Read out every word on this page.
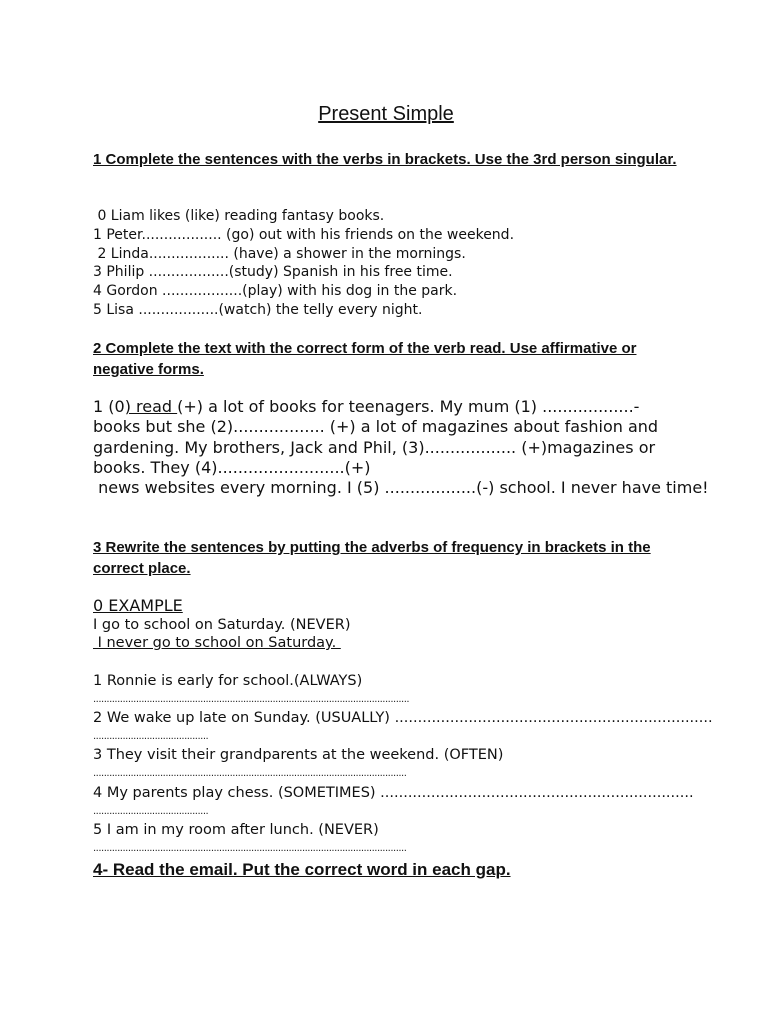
Present Simple
1 Complete the sentences with the verbs in brackets. Use the 3rd person singular.
0 Liam likes (like) reading fantasy books.
1 Peter.................. (go) out with his friends on the weekend.
2 Linda.................. (have) a shower in the mornings.
3 Philip ..................(study) Spanish in his free time.
4 Gordon ..................(play) with his dog in the park.
5 Lisa ..................(watch) the telly every night.
2 Complete the text with the correct form of the verb read. Use affirmative or negative forms.
1 (0) read (+) a lot of books for teenagers. My mum (1) ..................- books but she (2).................. (+) a lot of magazines about fashion and gardening. My brothers, Jack and Phil, (3).................. (+)magazines or books. They (4).........................(+)
news websites every morning. I (5) ..................(-) school. I never have time!
3 Rewrite the sentences by putting the adverbs of frequency in brackets in the correct place.
0 EXAMPLE
I go to school on Saturday. (NEVER)
I never go to school on Saturday.
1 Ronnie is early for school.(ALWAYS)
......................................................................................................................
2 We wake up late on Sunday. (USUALLY) .....................................................................
...........................................
3 They visit their grandparents at the weekend. (OFTEN)
.....................................................................................................................
4 My parents play chess. (SOMETIMES) ....................................................................
...........................................
5 I am in my room after lunch. (NEVER)
.....................................................................................................................
4- Read the email. Put the correct word in each gap.
